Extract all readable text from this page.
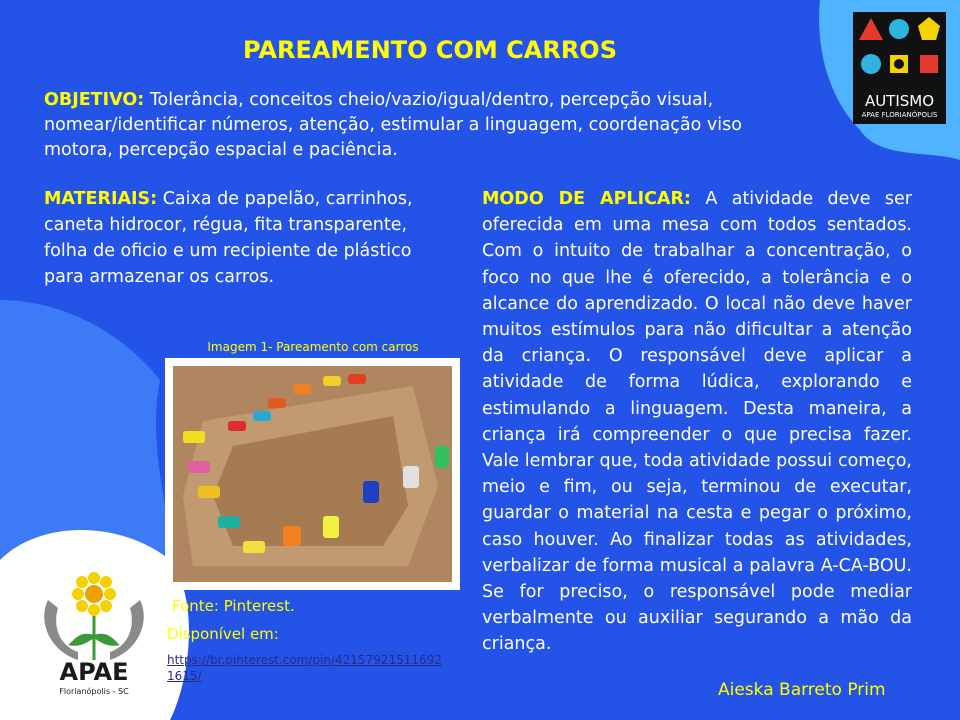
PAREAMENTO COM CARROS
OBJETIVO: Tolerância, conceitos cheio/vazio/igual/dentro, percepção visual, nomear/identificar números, atenção, estimular a linguagem, coordenação viso motora, percepção espacial e paciência.
MATERIAIS: Caixa de papelão, carrinhos, caneta hidrocor, régua, fita transparente, folha de oficio e um recipiente de plástico para armazenar os carros.
MODO DE APLICAR: A atividade deve ser oferecida em uma mesa com todos sentados. Com o intuito de trabalhar a concentração, o foco no que lhe é oferecido, a tolerância e o alcance do aprendizado. O local não deve haver muitos estímulos para não dificultar a atenção da criança. O responsável deve aplicar a atividade de forma lúdica, explorando e estimulando a linguagem. Desta maneira, a criança irá compreender o que precisa fazer. Vale lembrar que, toda atividade possui começo, meio e fim, ou seja, terminou de executar, guardar o material na cesta e pegar o próximo, caso houver. Ao finalizar todas as atividades, verbalizar de forma musical a palavra A-CA-BOU. Se for preciso, o responsável pode mediar verbalmente ou auxiliar segurando a mão da criança.
Imagem 1- Pareamento com carros
Fonte: Pinterest.
Disponível em:
https://br.pinterest.com/pin/421579215116921615/
Aieska Barreto Prim
AUTISMO
APAE FLORIANÓPOLIS
APAE
Florianópolis - SC
